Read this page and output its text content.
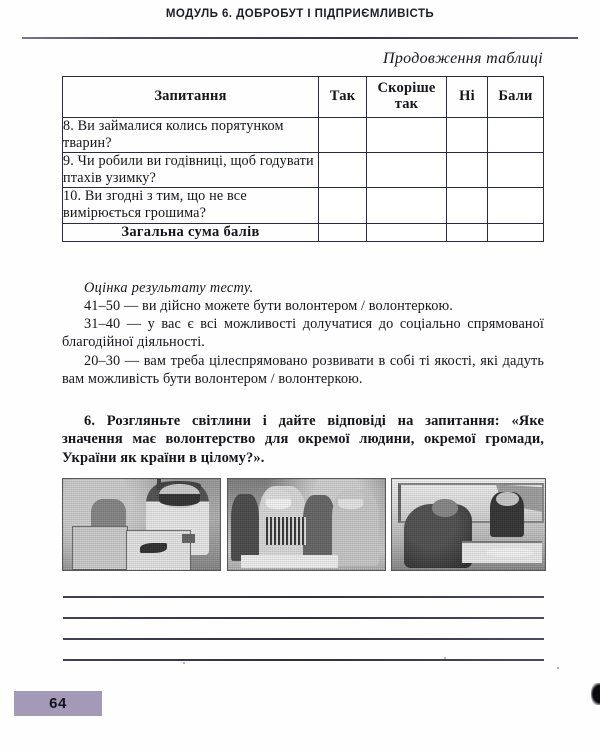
МОДУЛЬ 6. ДОБРОБУТ І ПІДПРИЄМЛИВІСТЬ
Продовження таблиці
Запитання	Так	Скоріше так	Ні	Бали
8. Ви займалися колись порятунком тварин?				
9. Чи робили ви годівниці, щоб годувати птахів узимку?				
10. Ви згодні з тим, що не все вимірюється грошима?				
Загальна сума балів				

Оцінка результату тесту.

41–50 — ви дійсно можете бути волонтером / волонтеркою.

31–40 — у вас є всі можливості долучатися до соціально спрямованої благодійної діяльності.

20–30 — вам треба цілеспрямовано розвивати в собі ті якості, які дадуть вам можливість бути волонтером / волонтеркою.

6. Розгляньте світлини і дайте відповіді на запитання: «Яке значення має волонтерство для окремої людини, окремої громади, України як країни в цілому?».
64
